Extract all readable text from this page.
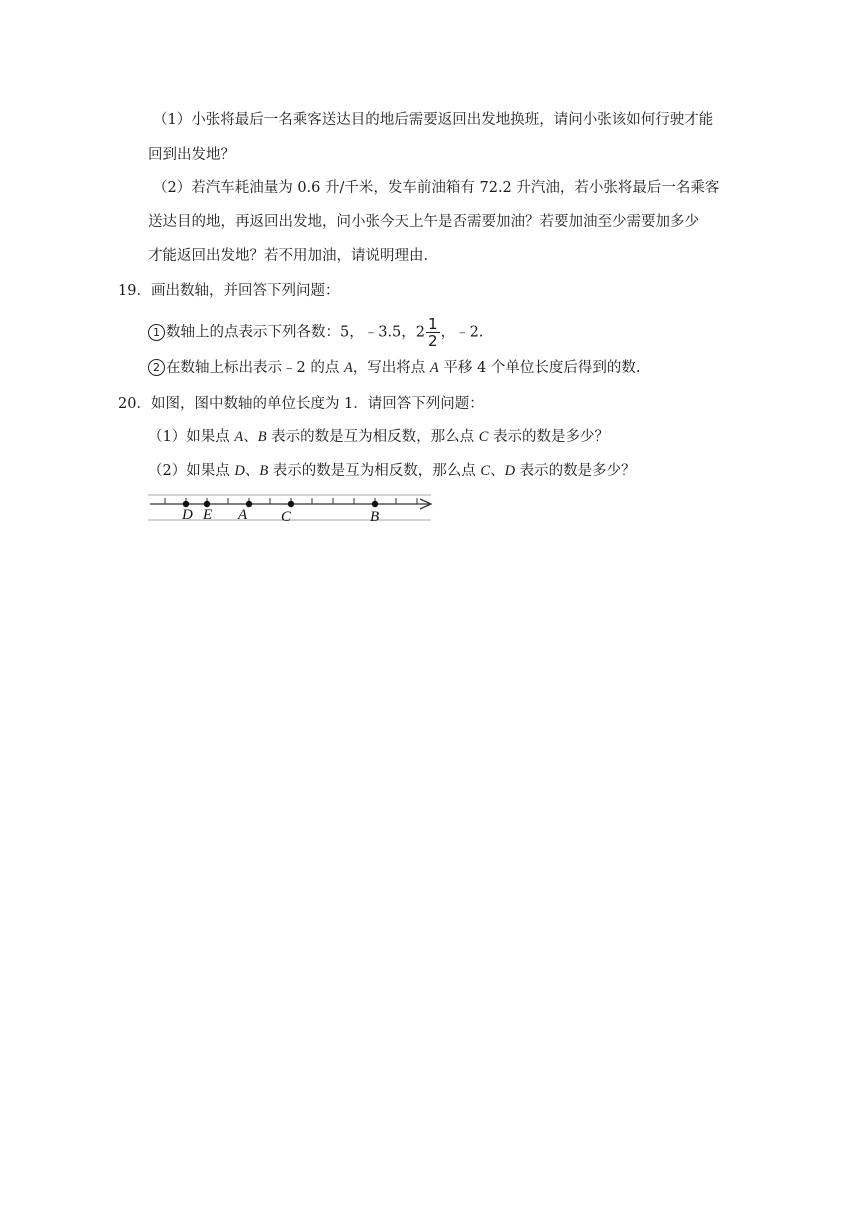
（1）小张将最后一名乘客送达目的地后需要返回出发地换班，请问小张该如何行驶才能
回到出发地？
（2）若汽车耗油量为 0.6 升/千米，发车前油箱有 72.2 升汽油，若小张将最后一名乘客
送达目的地，再返回出发地，问小张今天上午是否需要加油？若要加油至少需要加多少
才能返回出发地？若不用加油，请说明理由.
19．画出数轴，并回答下列问题：
1 数轴上的点表示下列各数：5，﹣3.5，$2 \frac{1}{2}$ ，﹣2.
2 在数轴上标出表示﹣2 的点 A，写出将点 A 平移 4 个单位长度后得到的数.
20．如图，图中数轴的单位长度为 1．请回答下列问题：
（1）如果点 A、B 表示的数是互为相反数，那么点 C 表示的数是多少？
（2）如果点 D、B 表示的数是互为相反数，那么点 C、D 表示的数是多少？
D E A C	B
